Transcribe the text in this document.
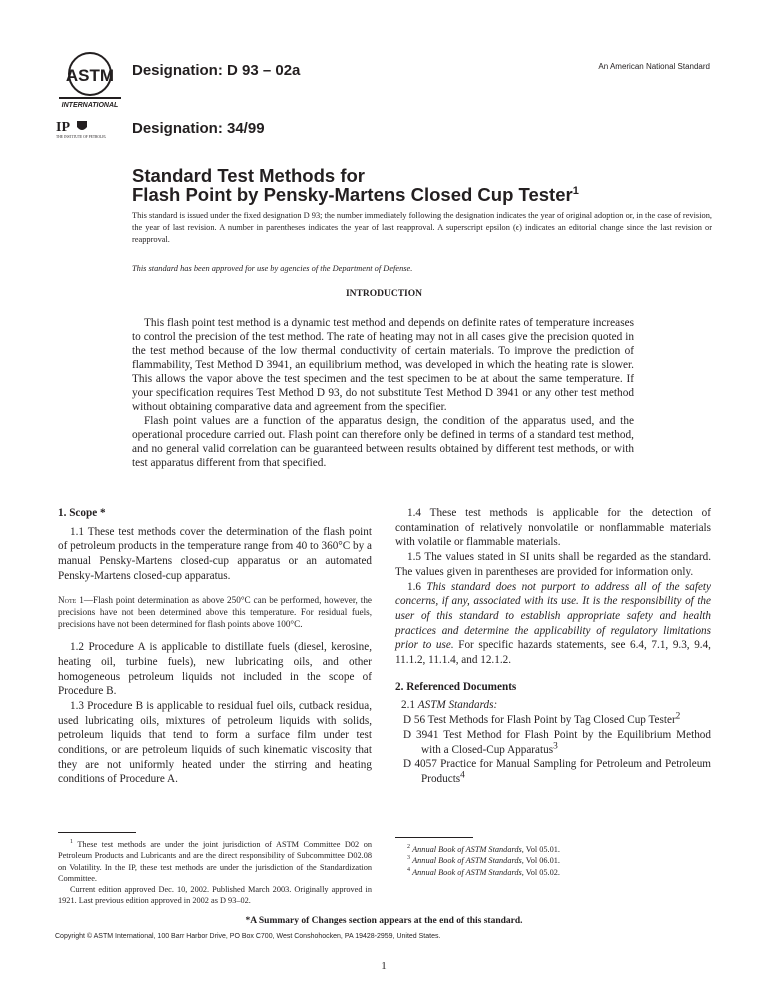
ASTM
INTERNATIONAL
IP
THE INSTITUTE OF PETROLEUM
Designation: D 93 – 02a	An American National Standard
Designation: 34/99
Standard Test Methods for
Flash Point by Pensky-Martens Closed Cup Tester$^1$
This standard is issued under the fixed designation D 93; the number immediately following the designation indicates the year of original adoption or, in the case of revision, the year of last revision. A number in parentheses indicates the year of last reapproval. A superscript epsilon (ϵ) indicates an editorial change since the last revision or reapproval.
This standard has been approved for use by agencies of the Department of Defense.
INTRODUCTION

This flash point test method is a dynamic test method and depends on definite rates of temperature increases to control the precision of the test method. The rate of heating may not in all cases give the precision quoted in the test method because of the low thermal conductivity of certain materials. To improve the prediction of flammability, Test Method D 3941, an equilibrium method, was developed in which the heating rate is slower. This allows the vapor above the test specimen and the test specimen to be at about the same temperature. If your specification requires Test Method D 93, do not substitute Test Method D 3941 or any other test method without obtaining comparative data and agreement from the specifier.

Flash point values are a function of the apparatus design, the condition of the apparatus used, and the operational procedure carried out. Flash point can therefore only be defined in terms of a standard test method, and no general valid correlation can be guaranteed between results obtained by different test methods, or with test apparatus different from that specified.

1. Scope *

1.1 These test methods cover the determination of the flash point of petroleum products in the temperature range from 40 to 360°C by a manual Pensky-Martens closed-cup apparatus or an automated Pensky-Martens closed-cup apparatus.

Note 1—Flash point determination as above 250°C can be performed, however, the precisions have not been determined above this temperature. For residual fuels, precisions have not been determined for flash points above 100°C.

1.2 Procedure A is applicable to distillate fuels (diesel, kerosine, heating oil, turbine fuels), new lubricating oils, and other homogeneous petroleum liquids not included in the scope of Procedure B.

1.3 Procedure B is applicable to residual fuel oils, cutback residua, used lubricating oils, mixtures of petroleum liquids with solids, petroleum liquids that tend to form a surface film under test conditions, or are petroleum liquids of such kinematic viscosity that they are not uniformly heated under the stirring and heating conditions of Procedure A.

1.4 These test methods is applicable for the detection of contamination of relatively nonvolatile or nonflammable materials with volatile or flammable materials.

1.5 The values stated in SI units shall be regarded as the standard. The values given in parentheses are provided for information only.

1.6 This standard does not purport to address all of the safety concerns, if any, associated with its use. It is the responsibility of the user of this standard to establish appropriate safety and health practices and determine the applicability of regulatory limitations prior to use. For specific hazards statements, see 6.4, 7.1, 9.3, 9.4, 11.1.2, 11.1.4, and 12.1.2.

2. Referenced Documents

2.1 ASTM Standards:

D 56 Test Methods for Flash Point by Tag Closed Cup Tester$^2$

D 3941 Test Method for Flash Point by the Equilibrium Method with a Closed-Cup Apparatus$^3$

D 4057 Practice for Manual Sampling for Petroleum and Petroleum Products$^4$

$^1$ These test methods are under the joint jurisdiction of ASTM Committee D02 on Petroleum Products and Lubricants and are the direct responsibility of Subcommittee D02.08 on Volatility. In the IP, these test methods are under the jurisdiction of the Standardization Committee.

Current edition approved Dec. 10, 2002. Published March 2003. Originally approved in 1921. Last previous edition approved in 2002 as D 93–02.

$^2$ Annual Book of ASTM Standards, Vol 05.01.

$^3$ Annual Book of ASTM Standards, Vol 06.01.

$^4$ Annual Book of ASTM Standards, Vol 05.02.

*A Summary of Changes section appears at the end of this standard.
Copyright © ASTM International, 100 Barr Harbor Drive, PO Box C700, West Conshohocken, PA 19428-2959, United States.
1
